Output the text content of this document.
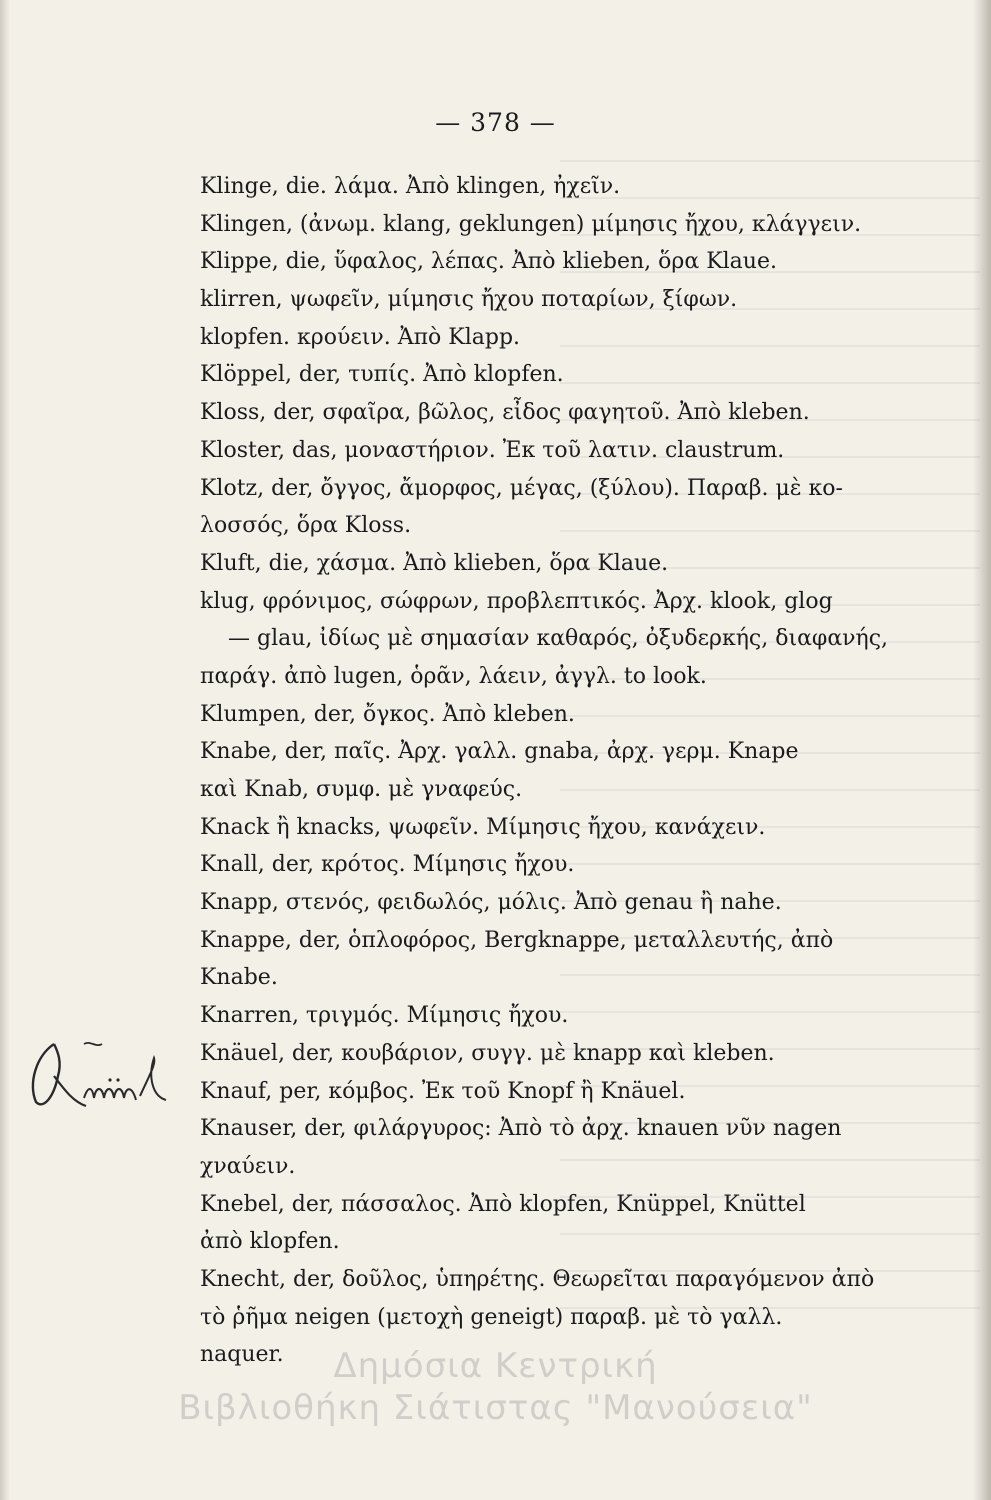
— 378 —
Klinge, die. λάμα. Ἀπὸ klingen, ἠχεῖν.
Klingen, (ἀνωμ. klang, geklungen) μίμησις ἤχου, κλάγγειν.
Klippe, die, ὕφαλος, λέπας. Ἀπὸ klieben, ὅρα Klaue.
klirren, ψωφεῖν, μίμησις ἤχου ποταρίων, ξίφων.
klopfen. κρούειν. Ἀπὸ Klapp.
Klöppel, der, τυπίς. Ἀπὸ klopfen.
Kloss, der, σφαῖρα, βῶλος, εἶδος φαγητοῦ. Ἀπὸ kleben.
Kloster, das, μοναστήριον. Ἐκ τοῦ λατιν. claustrum.
Klotz, der, ὄγγος, ἄμορφος, μέγας, (ξύλου). Παραβ. μὲ κο-
λοσσός, ὅρα Kloss.
Kluft, die, χάσμα. Ἀπὸ klieben, ὅρα Klaue.
klug, φρόνιμος, σώφρων, προβλεπτικός. Ἀρχ. klook, glog
— glau, ἰδίως μὲ σημασίαν καθαρός, ὀξυδερκής, διαφανής,
παράγ. ἀπὸ lugen, ὁρᾶν, λάειν, ἀγγλ. to look.
Klumpen, der, ὄγκος. Ἀπὸ kleben.
Knabe, der, παῖς. Ἀρχ. γαλλ. gnaba, ἀρχ. γερμ. Knape
καὶ Knab, συμφ. μὲ γναφεύς.
Knack ἢ knacks, ψωφεῖν. Μίμησις ἤχου, κανάχειν.
Knall, der, κρότος. Μίμησις ἤχου.
Knapp, στενός, φειδωλός, μόλις. Ἀπὸ genau ἢ nahe.
Knappe, der, ὁπλοφόρος, Bergknappe, μεταλλευτής, ἀπὸ
Knabe.
Knarren, τριγμός. Μίμησις ἤχου.
Knäuel, der, κουβάριον, συγγ. μὲ knapp καὶ kleben.
Knauf, per, κόμβος. Ἐκ τοῦ Knopf ἢ Knäuel.
Knauser, der, φιλάργυρος: Ἀπὸ τὸ ἀρχ. knauen νῦν nagen
χναύειν.
Knebel, der, πάσσαλος. Ἀπὸ klopfen, Knüppel, Knüttel
ἀπὸ klopfen.
Knecht, der, δοῦλος, ὑπηρέτης. Θεωρεῖται παραγόμενον ἀπὸ
τὸ ῥῆμα neigen (μετοχὴ geneigt) παραβ. μὲ τὸ γαλλ.
naquer.	Δημόσια Κεντρική
Βιβλιοθήκη Σιάτιστας "Μανούσεια"
